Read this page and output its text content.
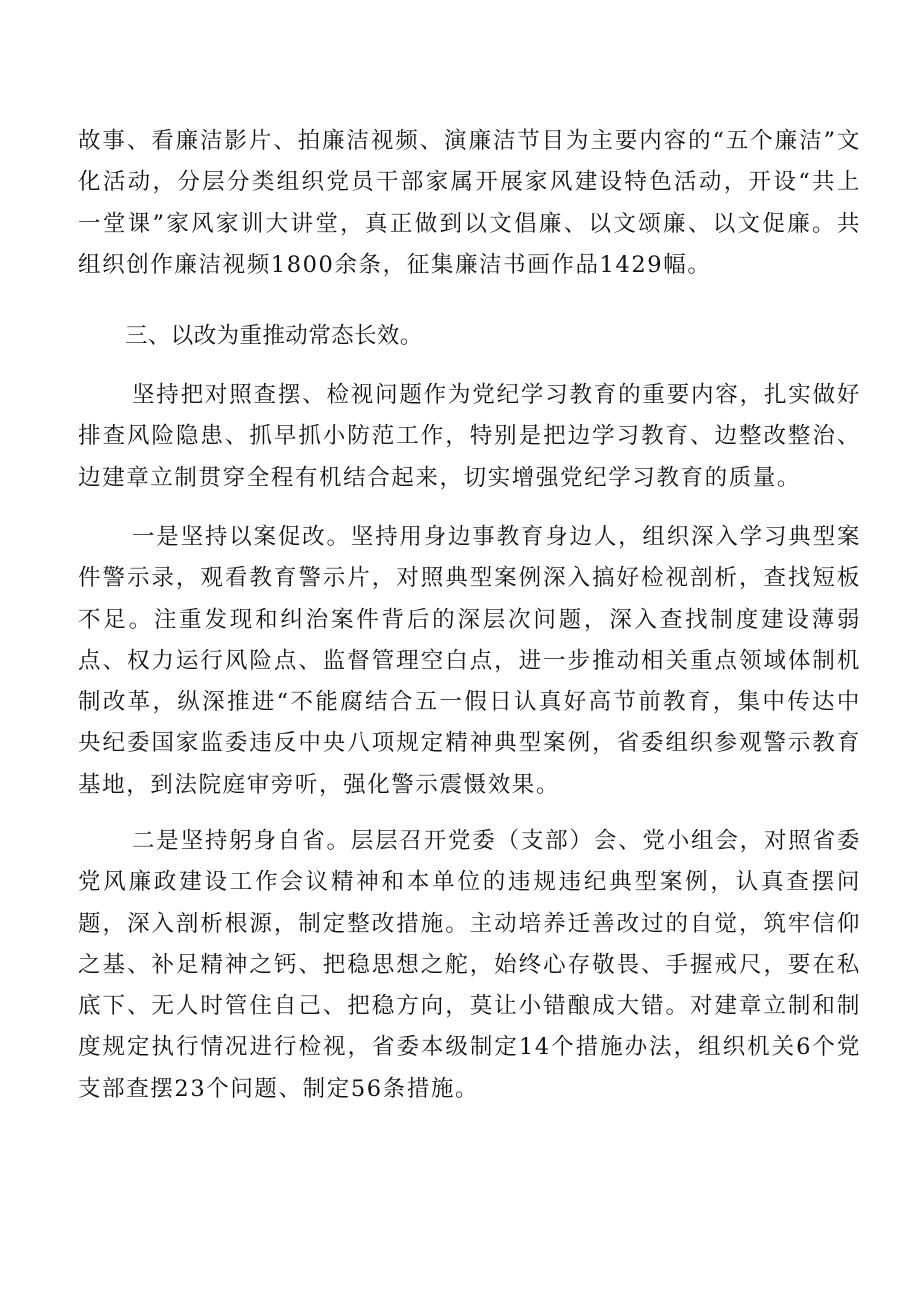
故事、看廉洁影片、拍廉洁视频、演廉洁节目为主要内容的“五个廉洁”文化活动，分层分类组织党员干部家属开展家风建设特色活动，开设“共上一堂课”家风家训大讲堂，真正做到以文倡廉、以文颂廉、以文促廉。共组织创作廉洁视频1800余条，征集廉洁书画作品1429幅。

三、以改为重推动常态长效。

坚持把对照查摆、检视问题作为党纪学习教育的重要内容，扎实做好排查风险隐患、抓早抓小防范工作，特别是把边学习教育、边整改整治、边建章立制贯穿全程有机结合起来，切实增强党纪学习教育的质量。

一是坚持以案促改。坚持用身边事教育身边人，组织深入学习典型案件警示录，观看教育警示片，对照典型案例深入搞好检视剖析，查找短板不足。注重发现和纠治案件背后的深层次问题，深入查找制度建设薄弱点、权力运行风险点、监督管理空白点，进一步推动相关重点领域体制机制改革，纵深推进“不能腐结合五一假日认真好高节前教育，集中传达中央纪委国家监委违反中央八项规定精神典型案例，省委组织参观警示教育基地，到法院庭审旁听，强化警示震慑效果。

二是坚持躬身自省。层层召开党委（支部）会、党小组会，对照省委党风廉政建设工作会议精神和本单位的违规违纪典型案例，认真查摆问题，深入剖析根源，制定整改措施。主动培养迁善改过的自觉，筑牢信仰之基、补足精神之钙、把稳思想之舵，始终心存敬畏、手握戒尺，要在私底下、无人时管住自己、把稳方向，莫让小错酿成大错。对建章立制和制度规定执行情况进行检视，省委本级制定14个措施办法，组织机关6个党支部查摆23个问题、制定56条措施。
